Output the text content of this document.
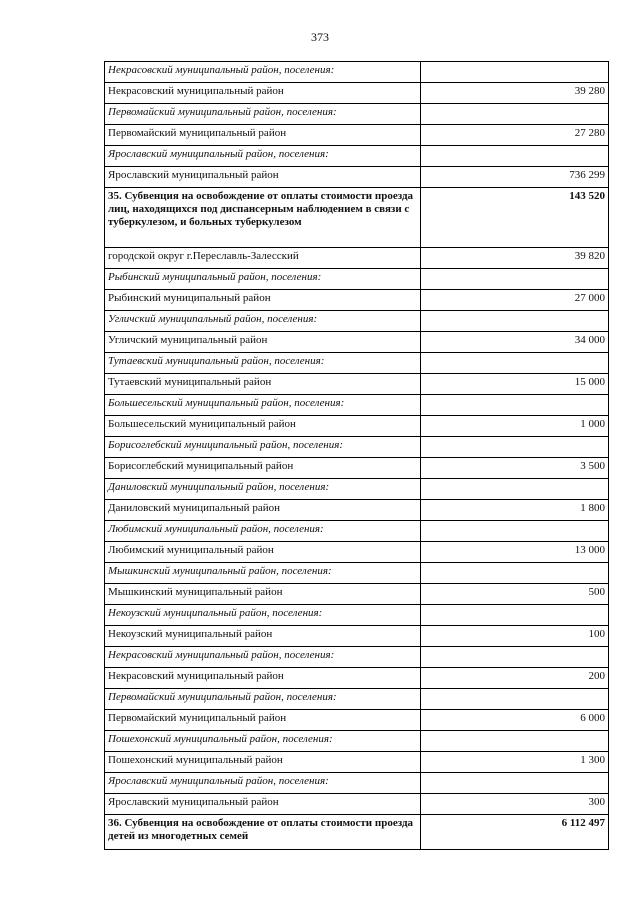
373
Некрасовский муниципальный район, поселения:	
Некрасовский муниципальный район	39 280
Первомайский муниципальный район, поселения:	
Первомайский муниципальный район	27 280
Ярославский муниципальный район, поселения:	
Ярославский муниципальный район	736 299
35. Субвенция на освобождение от оплаты стоимости проезда лиц, находящихся под диспансерным наблюдением в связи с туберкулезом, и больных туберкулезом	143 520
городской округ г.Переславль-Залесский	39 820
Рыбинский муниципальный район, поселения:	
Рыбинский муниципальный район	27 000
Угличский муниципальный район, поселения:	
Угличский муниципальный район	34 000
Тутаевский муниципальный район, поселения:	
Тутаевский муниципальный район	15 000
Большесельский муниципальный район, поселения:	
Большесельский муниципальный район	1 000
Борисоглебский муниципальный район, поселения:	
Борисоглебский муниципальный район	3 500
Даниловский муниципальный район, поселения:	
Даниловский муниципальный район	1 800
Любимский муниципальный район, поселения:	
Любимский муниципальный район	13 000
Мышкинский муниципальный район, поселения:	
Мышкинский муниципальный район	500
Некоузский муниципальный район, поселения:	
Некоузский муниципальный район	100
Некрасовский муниципальный район, поселения:	
Некрасовский муниципальный район	200
Первомайский муниципальный район, поселения:	
Первомайский муниципальный район	6 000
Пошехонский муниципальный район, поселения:	
Пошехонский муниципальный район	1 300
Ярославский муниципальный район, поселения:	
Ярославский муниципальный район	300
36. Субвенция на освобождение от оплаты стоимости проезда детей из многодетных семей	6 112 497
